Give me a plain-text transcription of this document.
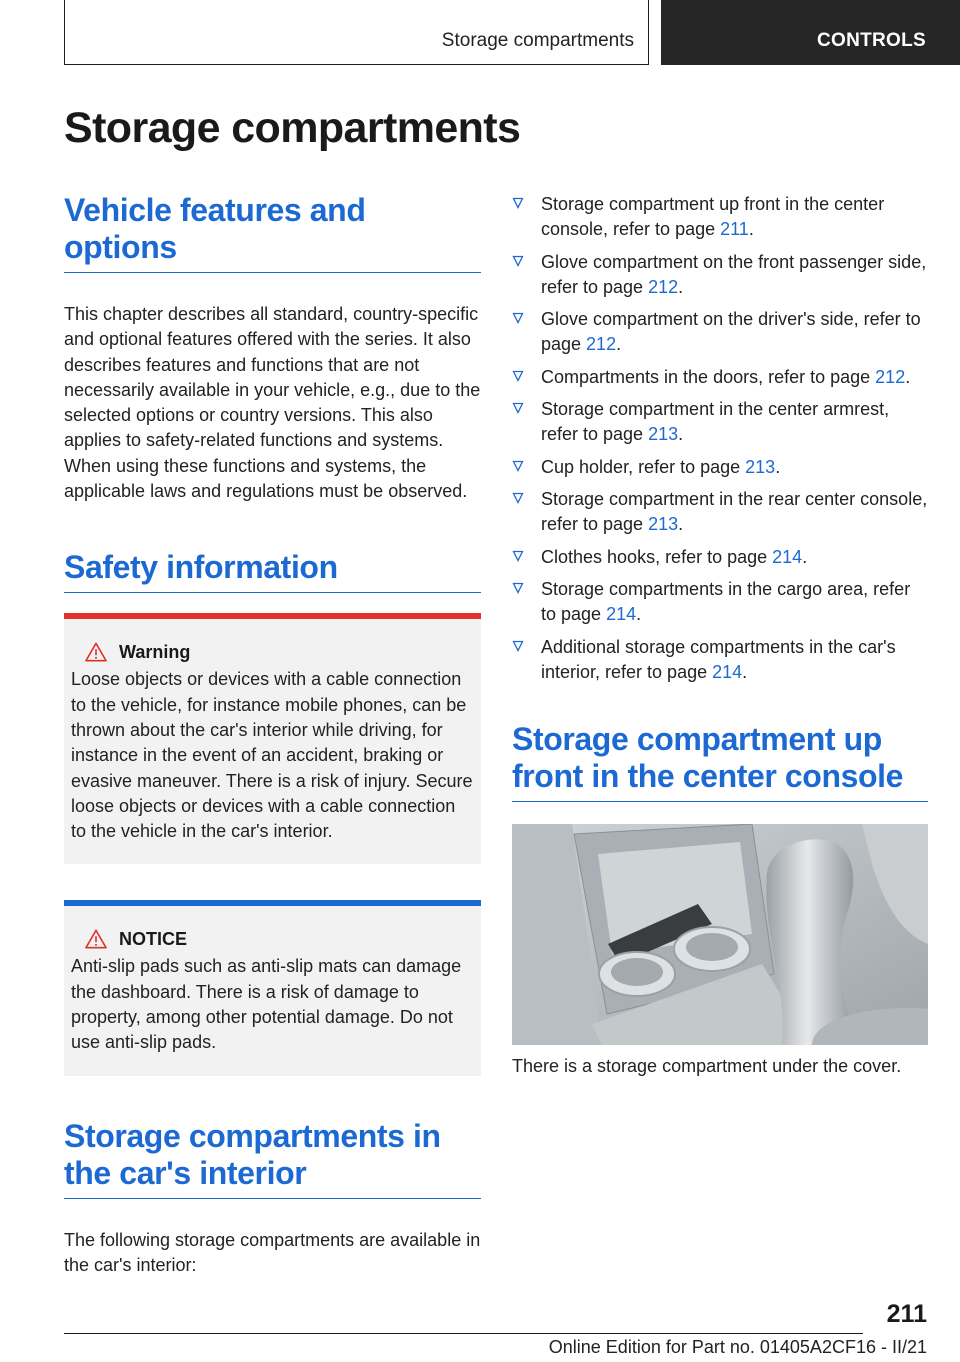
Storage compartments	CONTROLS
Storage compartments
Vehicle features and options

This chapter describes all standard, country-specific and optional features offered with the series. It also describes features and functions that are not necessarily available in your vehicle, e.g., due to the selected options or country versions. This also applies to safety-related functions and systems. When using these functions and systems, the applicable laws and regulations must be observed.

Safety information
Warning

Loose objects or devices with a cable connection to the vehicle, for instance mobile phones, can be thrown about the car's interior while driving, for instance in the event of an accident, braking or evasive maneuver. There is a risk of injury. Secure loose objects or devices with a cable connection to the vehicle in the car's interior.

NOTICE

Anti-slip pads such as anti-slip mats can damage the dashboard. There is a risk of damage to property, among other potential damage. Do not use anti-slip pads.

Storage compartments in the car's interior

The following storage compartments are available in the car's interior:

Storage compartment up front in the center console, refer to page 211.
Glove compartment on the front passenger side, refer to page 212.
Glove compartment on the driver's side, refer to page 212.
Compartments in the doors, refer to page 212.
Storage compartment in the center armrest, refer to page 213.
Cup holder, refer to page 213.
Storage compartment in the rear center console, refer to page 213.
Clothes hooks, refer to page 214.
Storage compartments in the cargo area, refer to page 214.
Additional storage compartments in the car's interior, refer to page 214.
Storage compartment up front in the center console

There is a storage compartment under the cover.

211
Online Edition for Part no. 01405A2CF16 - II/21
